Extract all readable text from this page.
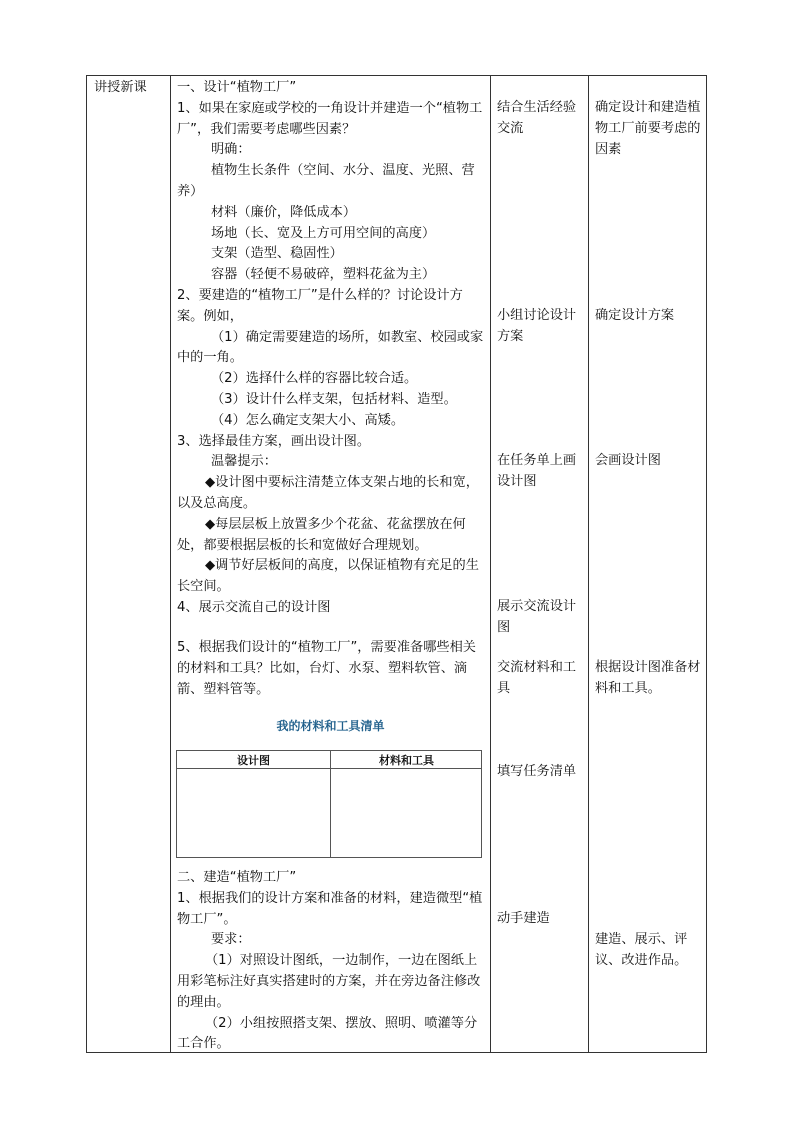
讲授新课	一、设计“植物工厂”

1、如果在家庭或学校的一角设计并建造一个“植物工厂”，我们需要考虑哪些因素？

明确：

植物生长条件（空间、水分、温度、光照、营养）

材料（廉价，降低成本）

场地（长、宽及上方可用空间的高度）

支架（造型、稳固性）

容器（轻便不易破碎，塑料花盆为主）

2、要建造的“植物工厂”是什么样的？讨论设计方案。例如，

（1）确定需要建造的场所，如教室、校园或家中的一角。

（2）选择什么样的容器比较合适。

（3）设计什么样支架，包括材料、造型。

（4）怎么确定支架大小、高矮。

3、选择最佳方案，画出设计图。

温馨提示：

◆设计图中要标注清楚立体支架占地的长和宽，以及总高度。

◆每层层板上放置多少个花盆、花盆摆放在何处，都要根据层板的长和宽做好合理规划。

◆调节好层板间的高度，以保证植物有充足的生长空间。

4、展示交流自己的设计图

5、根据我们设计的“植物工厂”，需要准备哪些相关的材料和工具？比如，台灯、水泵、塑料软管、滴箭、塑料管等。

我的材料和工具清单

二、建造“植物工厂”

1、根据我们的设计方案和准备的材料，建造微型“植物工厂”。

要求：

（1）对照设计图纸，一边制作，一边在图纸上用彩笔标注好真实搭建时的方案，并在旁边备注修改的理由。

（2）小组按照搭支架、摆放、照明、喷灌等分工合作。

设计图	材料和工具

结合生活经验交流

小组讨论设计方案

在任务单上画设计图

展示交流设计图

交流材料和工具

填写任务清单

动手建造

确定设计和建造植物工厂前要考虑的因素

确定设计方案

会画设计图

根据设计图准备材料和工具。

建造、展示、评议、改进作品。
